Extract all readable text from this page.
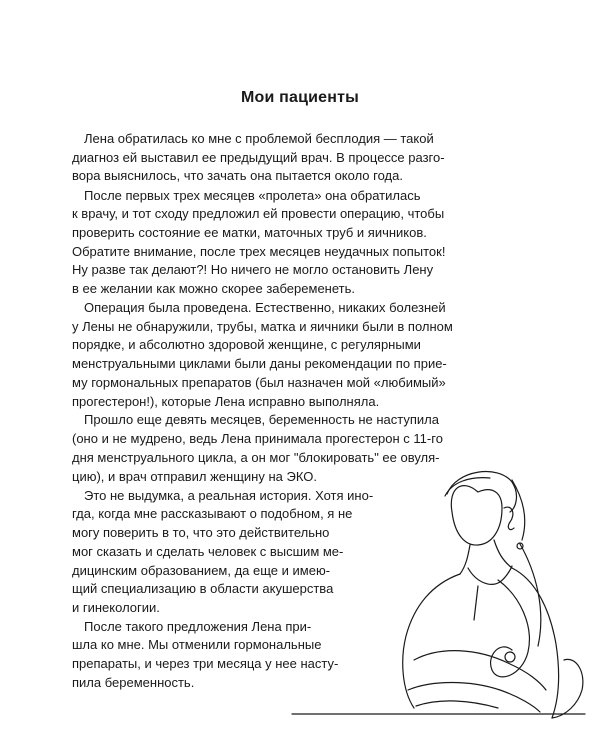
Мои пациенты
Лена обратилась ко мне с проблемой бесплодия — такой
диагноз ей выставил ее предыдущий врач. В процессе разго-
вора выяснилось, что зачать она пытается около года.
После первых трех месяцев «пролета» она обратилась
к врачу, и тот сходу предложил ей провести операцию, чтобы
проверить состояние ее матки, маточных труб и яичников.
Обратите внимание, после трех месяцев неудачных попыток!
Ну разве так делают?! Но ничего не могло остановить Лену
в ее желании как можно скорее забеременеть.
Операция была проведена. Естественно, никаких болезней
у Лены не обнаружили, трубы, матка и яичники были в полном
порядке, и абсолютно здоровой женщине, с регулярными
менструальными циклами были даны рекомендации по прие-
му гормональных препаратов (был назначен мой «любимый»
прогестерон!), которые Лена исправно выполняла.
Прошло еще девять месяцев, беременность не наступила
(оно и не мудрено, ведь Лена принимала прогестерон с 11-го
дня менструального цикла, а он мог "блокировать" ее овуля-
цию), и врач отправил женщину на ЭКО.
Это не выдумка, а реальная история. Хотя ино-
гда, когда мне рассказывают о подобном, я не
могу поверить в то, что это действительно
мог сказать и сделать человек с высшим ме-
дицинским образованием, да еще и имею-
щий специализацию в области акушерства
и гинекологии.
После такого предложения Лена при-
шла ко мне. Мы отменили гормональные
препараты, и через три месяца у нее насту-
пила беременность.
